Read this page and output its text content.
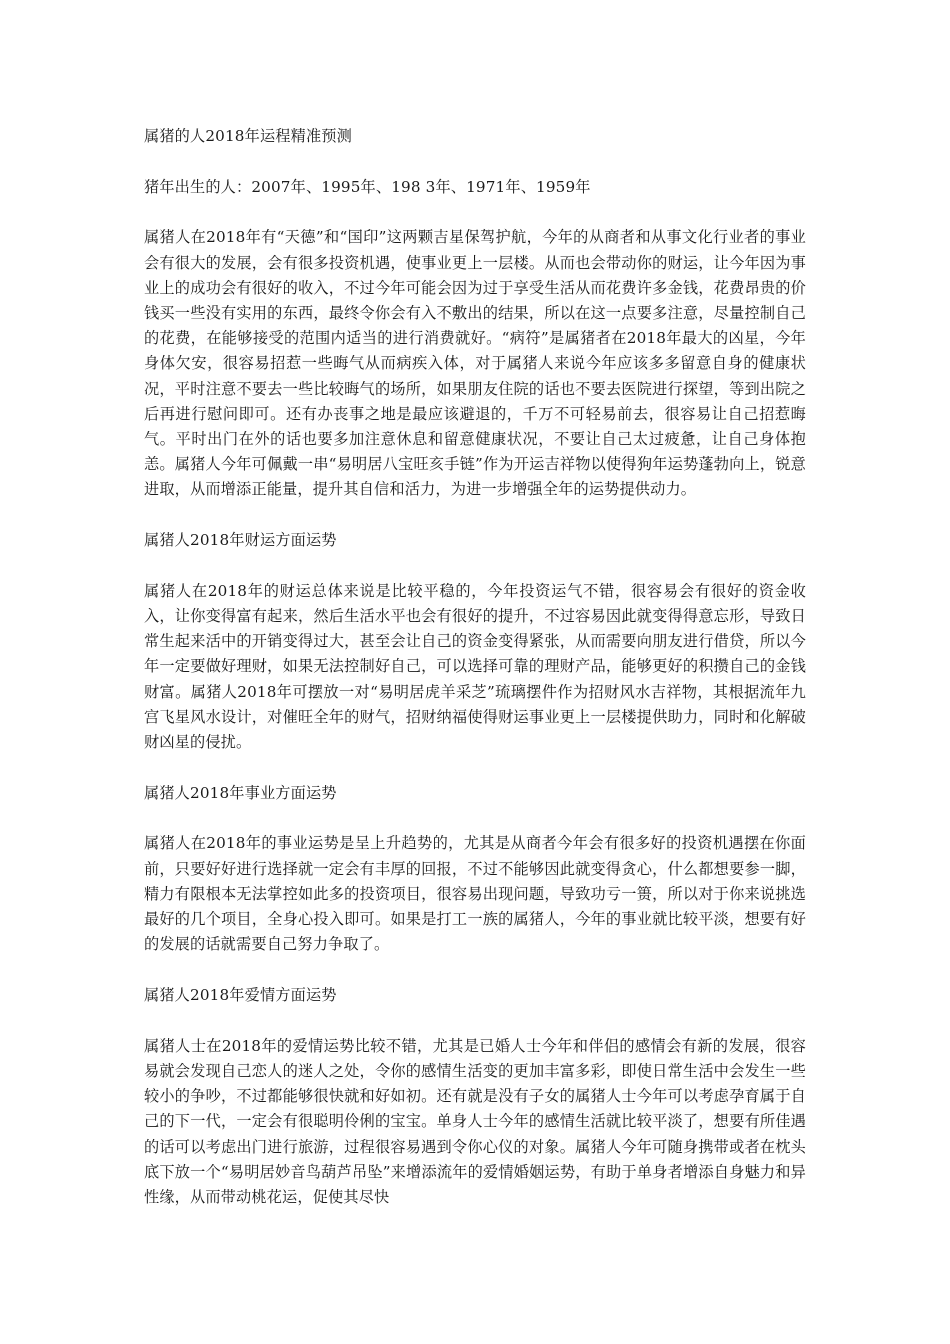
属猪的人2018年运程精准预测

猪年出生的人：2007年、1995年、198 3年、1971年、1959年

属猪人在2018年有“天德”和“国印”这两颗吉星保驾护航，今年的从商者和从事文化行业者的事业会有很大的发展，会有很多投资机遇，使事业更上一层楼。从而也会带动你的财运，让今年因为事业上的成功会有很好的收入，不过今年可能会因为过于享受生活从而花费许多金钱，花费昂贵的价钱买一些没有实用的东西，最终令你会有入不敷出的结果，所以在这一点要多注意，尽量控制自己的花费，在能够接受的范围内适当的进行消费就好。“病符”是属猪者在2018年最大的凶星，今年身体欠安，很容易招惹一些晦气从而病疾入体，对于属猪人来说今年应该多多留意自身的健康状况，平时注意不要去一些比较晦气的场所，如果朋友住院的话也不要去医院进行探望，等到出院之后再进行慰问即可。还有办丧事之地是最应该避退的，千万不可轻易前去，很容易让自己招惹晦气。平时出门在外的话也要多加注意休息和留意健康状况，不要让自己太过疲惫，让自己身体抱恙。属猪人今年可佩戴一串“易明居八宝旺亥手链”作为开运吉祥物以使得狗年运势蓬勃向上，锐意进取，从而增添正能量，提升其自信和活力，为进一步增强全年的运势提供动力。

属猪人2018年财运方面运势

属猪人在2018年的财运总体来说是比较平稳的，今年投资运气不错，很容易会有很好的资金收入，让你变得富有起来，然后生活水平也会有很好的提升，不过容易因此就变得得意忘形，导致日常生起来活中的开销变得过大，甚至会让自己的资金变得紧张，从而需要向朋友进行借贷，所以今年一定要做好理财，如果无法控制好自己，可以选择可靠的理财产品，能够更好的积攒自己的金钱财富。属猪人2018年可摆放一对“易明居虎羊采芝”琉璃摆件作为招财风水吉祥物，其根据流年九宫飞星风水设计，对催旺全年的财气，招财纳福使得财运事业更上一层楼提供助力，同时和化解破财凶星的侵扰。

属猪人2018年事业方面运势

属猪人在2018年的事业运势是呈上升趋势的，尤其是从商者今年会有很多好的投资机遇摆在你面前，只要好好进行选择就一定会有丰厚的回报，不过不能够因此就变得贪心，什么都想要参一脚，精力有限根本无法掌控如此多的投资项目，很容易出现问题，导致功亏一篑，所以对于你来说挑选最好的几个项目，全身心投入即可。如果是打工一族的属猪人，今年的事业就比较平淡，想要有好的发展的话就需要自己努力争取了。

属猪人2018年爱情方面运势

属猪人士在2018年的爱情运势比较不错，尤其是已婚人士今年和伴侣的感情会有新的发展，很容易就会发现自己恋人的迷人之处，令你的感情生活变的更加丰富多彩，即使日常生活中会发生一些较小的争吵，不过都能够很快就和好如初。还有就是没有子女的属猪人士今年可以考虑孕育属于自己的下一代，一定会有很聪明伶俐的宝宝。单身人士今年的感情生活就比较平淡了，想要有所佳遇的话可以考虑出门进行旅游，过程很容易遇到令你心仪的对象。属猪人今年可随身携带或者在枕头底下放一个“易明居妙音鸟葫芦吊坠”来增添流年的爱情婚姻运势，有助于单身者增添自身魅力和异性缘，从而带动桃花运，促使其尽快
